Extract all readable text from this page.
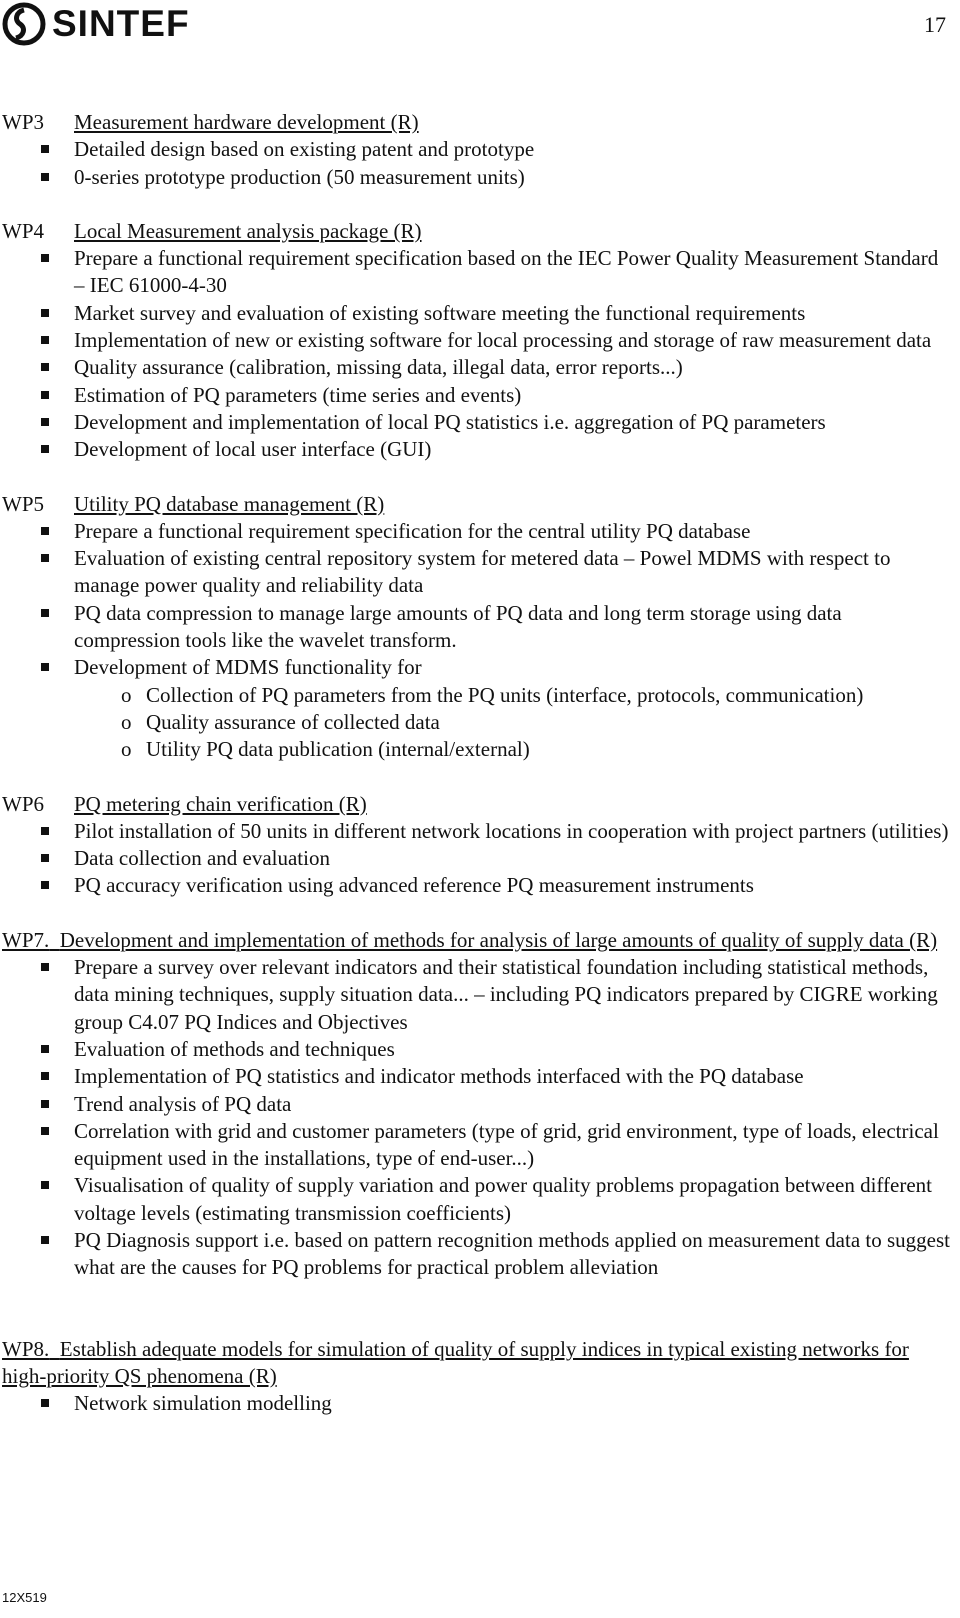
SINTEF	17
WP3 Measurement hardware development (R)
Detailed design based on existing patent and prototype
0-series prototype production (50 measurement units)
WP4 Local Measurement analysis package (R)
Prepare a functional requirement specification based on the IEC Power Quality Measurement Standard – IEC 61000-4-30
Market survey and evaluation of existing software meeting the functional requirements
Implementation of new or existing software for local processing and storage of raw measurement data
Quality assurance (calibration, missing data, illegal data, error reports...)
Estimation of PQ parameters (time series and events)
Development and implementation of local PQ statistics i.e. aggregation of PQ parameters
Development of local user interface (GUI)
WP5 Utility PQ database management (R)
Prepare a functional requirement specification for the central utility PQ database
Evaluation of existing central repository system for metered data – Powel MDMS with respect to manage power quality and reliability data
PQ data compression to manage large amounts of PQ data and long term storage using data compression tools like the wavelet transform.
Development of MDMS functionality for
o Collection of PQ parameters from the PQ units (interface, protocols, communication)
o Quality assurance of collected data
o Utility PQ data publication (internal/external)
WP6 PQ metering chain verification (R)
Pilot installation of 50 units in different network locations in cooperation with project partners (utilities)
Data collection and evaluation
PQ accuracy verification using advanced reference PQ measurement instruments
WP7. Development and implementation of methods for analysis of large amounts of quality of supply data (R)
Prepare a survey over relevant indicators and their statistical foundation including statistical methods, data mining techniques, supply situation data... – including PQ indicators prepared by CIGRE working group C4.07 PQ Indices and Objectives
Evaluation of methods and techniques
Implementation of PQ statistics and indicator methods interfaced with the PQ database
Trend analysis of PQ data
Correlation with grid and customer parameters (type of grid, grid environment, type of loads, electrical equipment used in the installations, type of end-user...)
Visualisation of quality of supply variation and power quality problems propagation between different voltage levels (estimating transmission coefficients)
PQ Diagnosis support i.e. based on pattern recognition methods applied on measurement data to suggest what are the causes for PQ problems for practical problem alleviation
WP8. Establish adequate models for simulation of quality of supply indices in typical existing networks for high-priority QS phenomena (R)
Network simulation modelling
12X519
